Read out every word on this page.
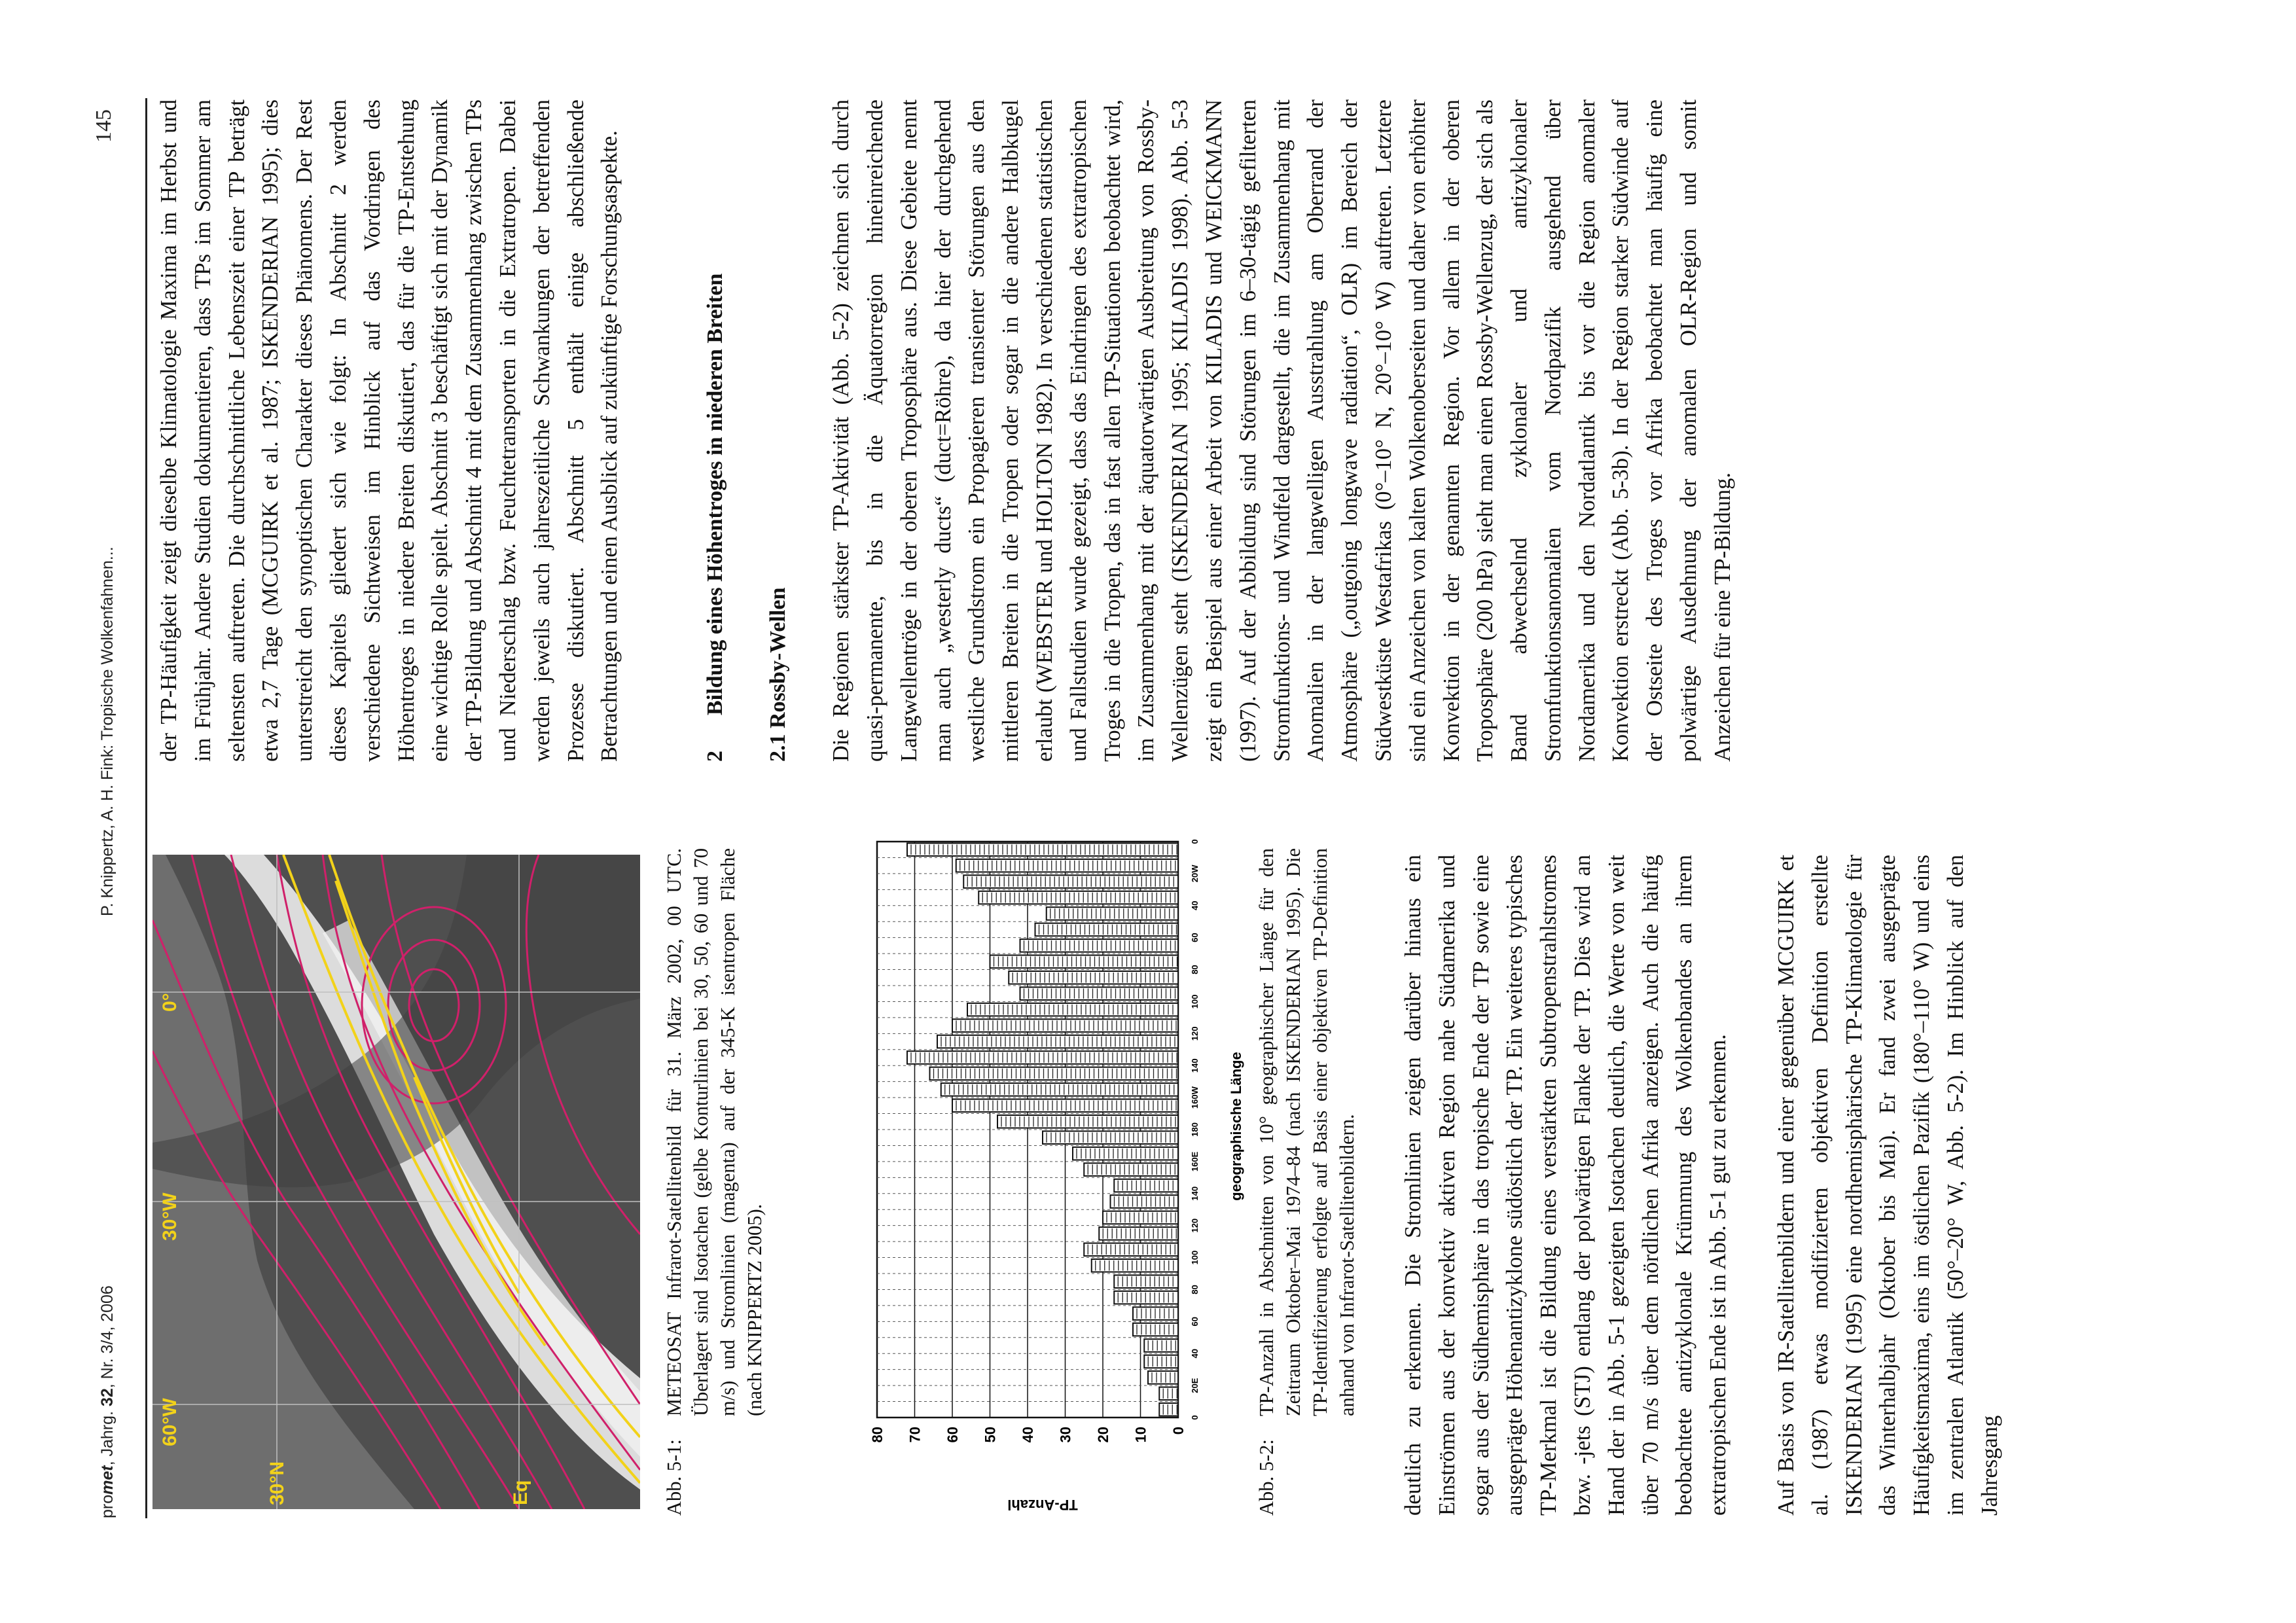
promet, Jahrg. 32, Nr. 3/4, 2006
P. Knippertz, A. H. Fink: Tropische Wolkenfahnen...
145
60°W
30°W
0°
30°N	Eq	Abb. 5-1:
METEOSAT Infrarot-Satellitenbild für 31. März 2002, 00 UTC. Überlagert sind Isotachen (gelbe Konturlinien bei 30, 50, 60 und 70 m/s) und Stromlinien (magenta) auf der 345-K isentropen Fläche (nach KNIPPERTZ 2005).
0
10
20
30
40
50
60
70
80
0
20E
40
60
80
100
120
140
160E
180
160W
140
120
100
80
60
40
20W
0
TP-Anzahl
geographische Länge
Abb. 5-2:
TP-Anzahl in Abschnitten von 10° geographischer Länge für den Zeitraum Oktober–Mai 1974–84 (nach ISKENDERIAN 1995). Die TP-Identifizierung erfolgte auf Basis einer objektiven TP-Definition anhand von Infrarot-Satellitenbildern. deutlich zu erkennen. Die Stromlinien zeigen darüber hinaus ein Einströmen aus der konvektiv aktiven Region nahe Südamerika und sogar aus der Südhemisphäre in das tropische Ende der TP sowie eine ausgeprägte Höhenantizyklone südöstlich der TP. Ein weiteres typisches TP-Merkmal ist die Bildung eines verstärkten Subtropenstrahlstromes bzw. -jets (STJ) entlang der polwärtigen Flanke der TP. Dies wird an Hand der in Abb. 5-1 gezeigten Isotachen deutlich, die Werte von weit über 70 m/s über dem nördlichen Afrika anzeigen. Auch die häufig beobachtete antizyklonale Krümmung des Wolkenbandes an ihrem extratropischen Ende ist in Abb. 5-1 gut zu erkennen. Auf Basis von IR-Satellitenbildern und einer gegenüber MCGUIRK et al. (1987) etwas modifizierten objektiven Definition erstellte ISKENDERIAN (1995) eine nordhemisphärische TP-Klimatologie für das Winterhalbjahr (Oktober bis Mai). Er fand zwei ausgeprägte Häufigkeitsmaxima, eins im östlichen Pazifik (180°–110° W) und eins im zentralen Atlantik (50°–20° W, Abb. 5-2). Im Hinblick auf den Jahresgang

der TP-Häufigkeit zeigt dieselbe Klimatologie Maxima im Herbst und im Frühjahr. Andere Studien dokumentieren, dass TPs im Sommer am seltensten auftreten. Die durchschnittliche Lebenszeit einer TP beträgt etwa 2,7 Tage (MCGUIRK et al. 1987; ISKENDERIAN 1995); dies unterstreicht den synoptischen Charakter dieses Phänomens. Der Rest dieses Kapitels gliedert sich wie folgt: In Abschnitt 2 werden verschiedene Sichtweisen im Hinblick auf das Vordringen des Höhentroges in niedere Breiten diskutiert, das für die TP-Entstehung eine wichtige Rolle spielt. Abschnitt 3 beschäftigt sich mit der Dynamik der TP-Bildung und Abschnitt 4 mit dem Zusammenhang zwischen TPs und Niederschlag bzw. Feuchtetransporten in die Extratropen. Dabei werden jeweils auch jahreszeitliche Schwankungen der betreffenden Prozesse diskutiert. Abschnitt 5 enthält einige abschließende Betrachtungen und einen Ausblick auf zukünftige Forschungsaspekte.	2Bildung eines Höhentroges in niederen Breiten 2.1 Rossby-Wellen Die Regionen stärkster TP-Aktivität (Abb. 5-2) zeichnen sich durch quasi-permanente, bis in die Äquatorregion hineinreichende Langwellentröge in der oberen Troposphäre aus. Diese Gebiete nennt man auch „westerly ducts“ (duct=Röhre), da hier der durchgehend westliche Grundstrom ein Propagieren transienter Störungen aus den mittleren Breiten in die Tropen oder sogar in die andere Halbkugel erlaubt (WEBSTER und HOLTON 1982). In verschiedenen statistischen und Fallstudien wurde gezeigt, dass das Eindringen des extratropischen Troges in die Tropen, das in fast allen TP-Situationen beobachtet wird, im Zusammenhang mit der äquatorwärtigen Ausbreitung von Rossby-Wellenzügen steht (ISKENDERIAN 1995; KILADIS 1998). Abb. 5-3 zeigt ein Beispiel aus einer Arbeit von KILADIS und WEICKMANN (1997). Auf der Abbildung sind Störungen im 6–30-tägig gefilterten Stromfunktions- und Windfeld dargestellt, die im Zusammenhang mit Anomalien in der langwelligen Ausstrahlung am Oberrand der Atmosphäre („outgoing longwave radiation“, OLR) im Bereich der Südwestküste Westafrikas (0°–10° N, 20°–10° W) auftreten. Letztere sind ein Anzeichen von kalten Wolkenoberseiten und daher von erhöhter Konvektion in der genannten Region. Vor allem in der oberen Troposphäre (200 hPa) sieht man einen Rossby-Wellenzug, der sich als Band abwechselnd zyklonaler und antizyklonaler Stromfunktionsanomalien vom Nordpazifik ausgehend über Nordamerika und den Nordatlantik bis vor die Region anomaler Konvektion erstreckt (Abb. 5-3b). In der Region starker Südwinde auf der Ostseite des Troges vor Afrika beobachtet man häufig eine polwärtige Ausdehnung der anomalen OLR-Region und somit Anzeichen für eine TP-Bildung.
